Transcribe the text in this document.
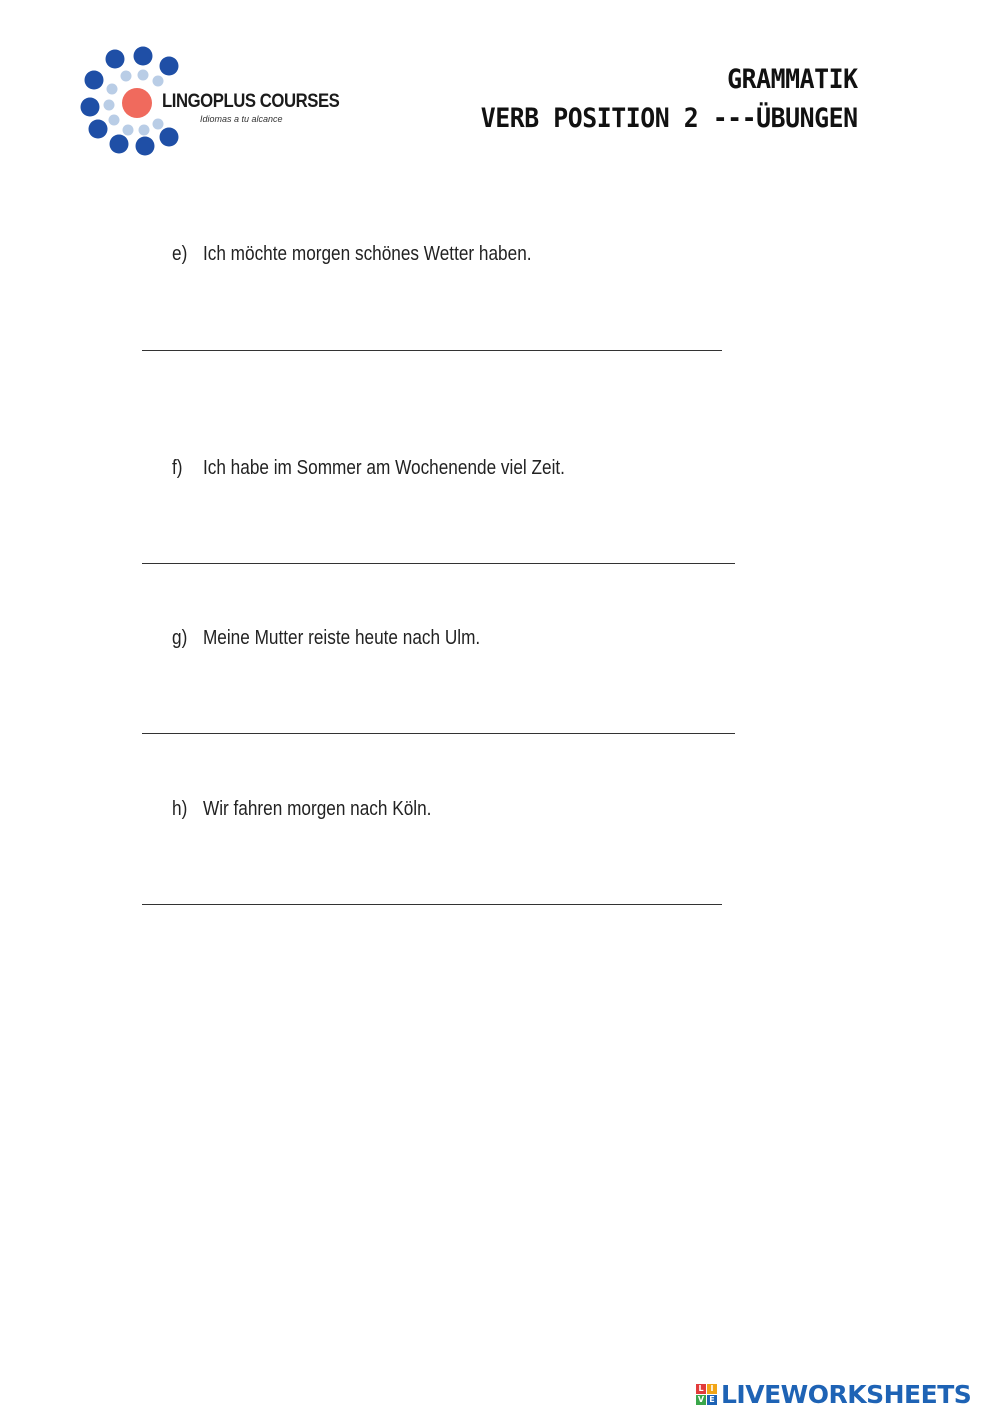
LINGOPLUS COURSES
Idiomas a tu alcance
GRAMMATIK
VERB POSITION 2 ---ÜBUNGEN
e) Ich möchte morgen schönes Wetter haben.
f) Ich habe im Sommer am Wochenende viel Zeit.
g) Meine Mutter reiste heute nach Ulm.
h) Wir fahren morgen nach Köln.
L I
V E LIVEWORKSHEETS
